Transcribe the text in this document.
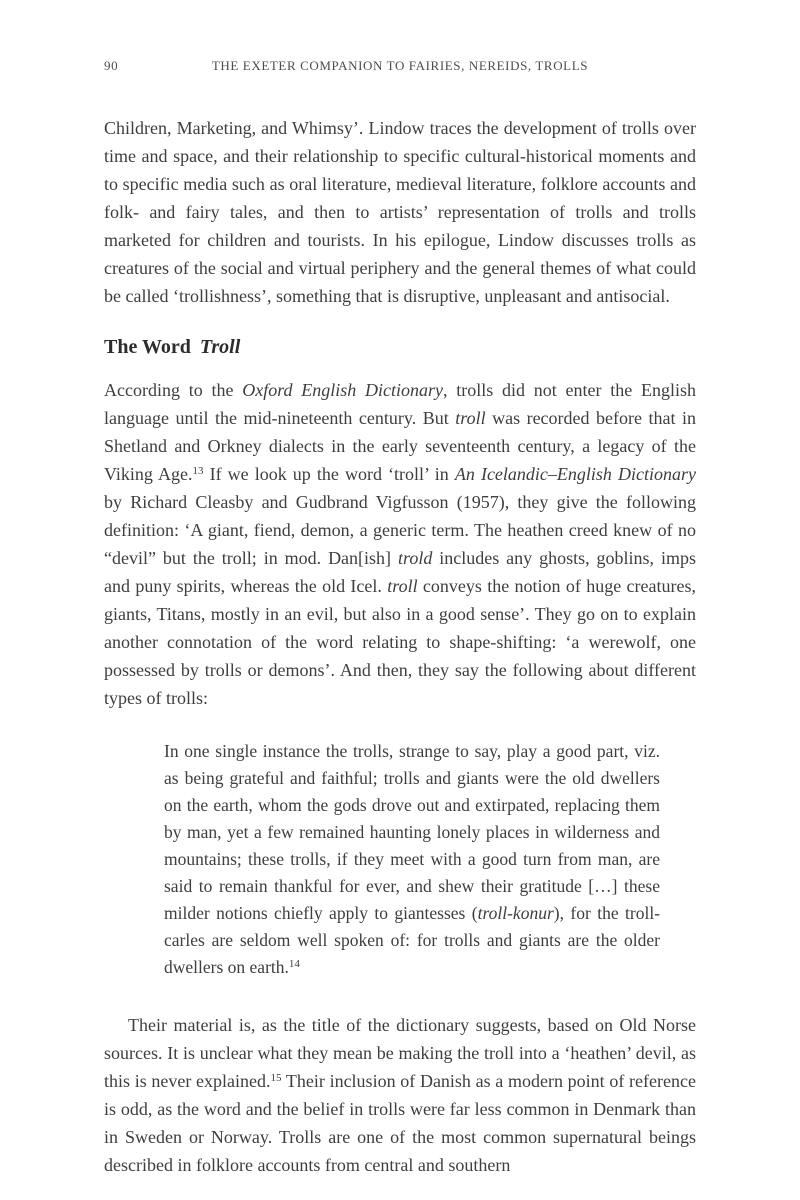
90	THE EXETER COMPANION TO FAIRIES, NEREIDS, TROLLS

Children, Marketing, and Whimsy’. Lindow traces the development of trolls over time and space, and their relationship to specific cultural-historical moments and to specific media such as oral literature, medieval literature, folklore accounts and folk- and fairy tales, and then to artists’ representation of trolls and trolls marketed for children and tourists. In his epilogue, Lindow discusses trolls as creatures of the social and virtual periphery and the general themes of what could be called ‘trollishness’, something that is disruptive, unpleasant and antisocial.

The Word Troll

According to the Oxford English Dictionary, trolls did not enter the English language until the mid-nineteenth century. But troll was recorded before that in Shetland and Orkney dialects in the early seventeenth century, a legacy of the Viking Age.$^{13}$ If we look up the word ‘troll’ in An Icelandic–English Dictionary by Richard Cleasby and Gudbrand Vigfusson (1957), they give the following definition: ‘A giant, fiend, demon, a generic term. The heathen creed knew of no “devil” but the troll; in mod. Dan[ish] trold includes any ghosts, goblins, imps and puny spirits, whereas the old Icel. troll conveys the notion of huge creatures, giants, Titans, mostly in an evil, but also in a good sense’. They go on to explain another connotation of the word relating to shape-shifting: ‘a werewolf, one possessed by trolls or demons’. And then, they say the following about different types of trolls:

In one single instance the trolls, strange to say, play a good part, viz. as being grateful and faithful; trolls and giants were the old dwellers on the earth, whom the gods drove out and extirpated, replacing them by man, yet a few remained haunting lonely places in wilderness and mountains; these trolls, if they meet with a good turn from man, are said to remain thankful for ever, and shew their gratitude […] these milder notions chiefly apply to giantesses (troll-konur), for the troll-carles are seldom well spoken of: for trolls and giants are the older dwellers on earth.$^{14}$

Their material is, as the title of the dictionary suggests, based on Old Norse sources. It is unclear what they mean be making the troll into a ‘heathen’ devil, as this is never explained.$^{15}$ Their inclusion of Danish as a modern point of reference is odd, as the word and the belief in trolls were far less common in Denmark than in Sweden or Norway. Trolls are one of the most common supernatural beings described in folklore accounts from central and southern
